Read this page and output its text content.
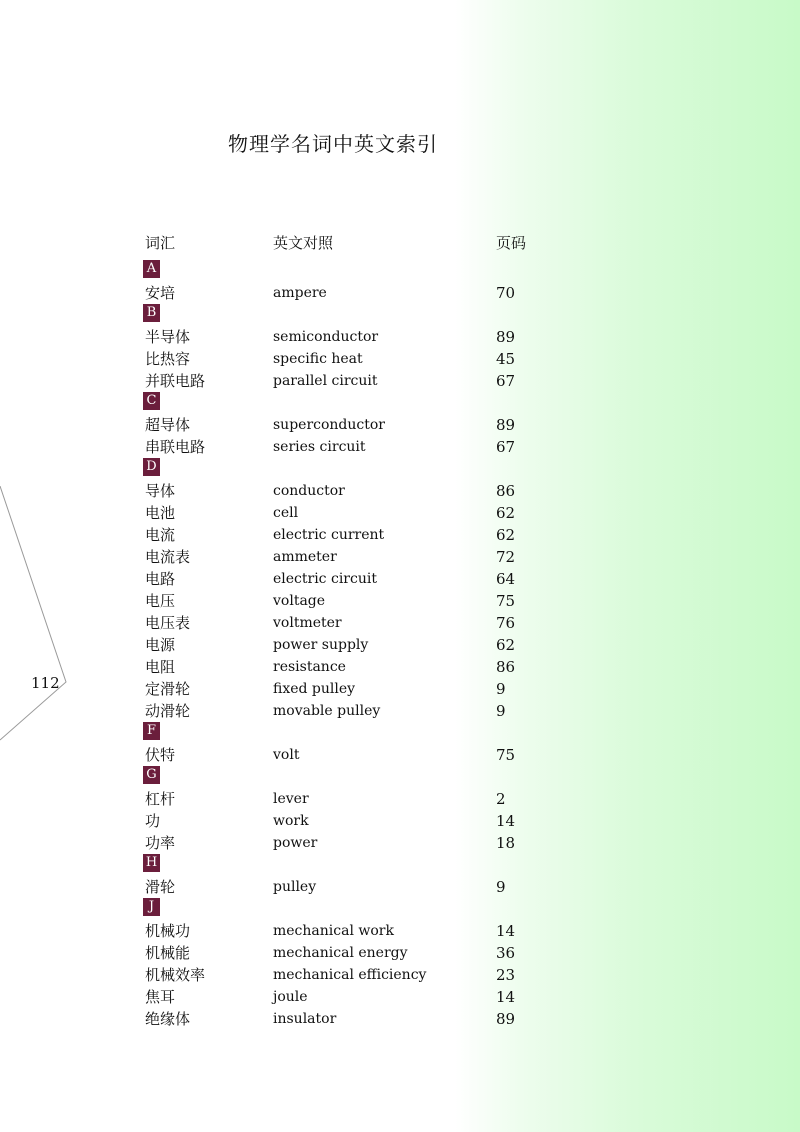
112
物理学名词中英文索引
词汇	英文对照	页码
A
安培	ampere	70
B
半导体	semiconductor	89
比热容	specific heat	45
并联电路	parallel circuit	67
C
超导体	superconductor	89
串联电路	series circuit	67
D
导体	conductor	86
电池	cell	62
电流	electric current	62
电流表	ammeter	72
电路	electric circuit	64
电压	voltage	75
电压表	voltmeter	76
电源	power supply	62
电阻	resistance	86
定滑轮	fixed pulley	9
动滑轮	movable pulley	9
F
伏特	volt	75
G
杠杆	lever	2
功	work	14
功率	power	18
H
滑轮	pulley	9
J
机械功	mechanical work	14
机械能	mechanical energy	36
机械效率	mechanical efficiency	23
焦耳	joule	14
绝缘体	insulator	89
